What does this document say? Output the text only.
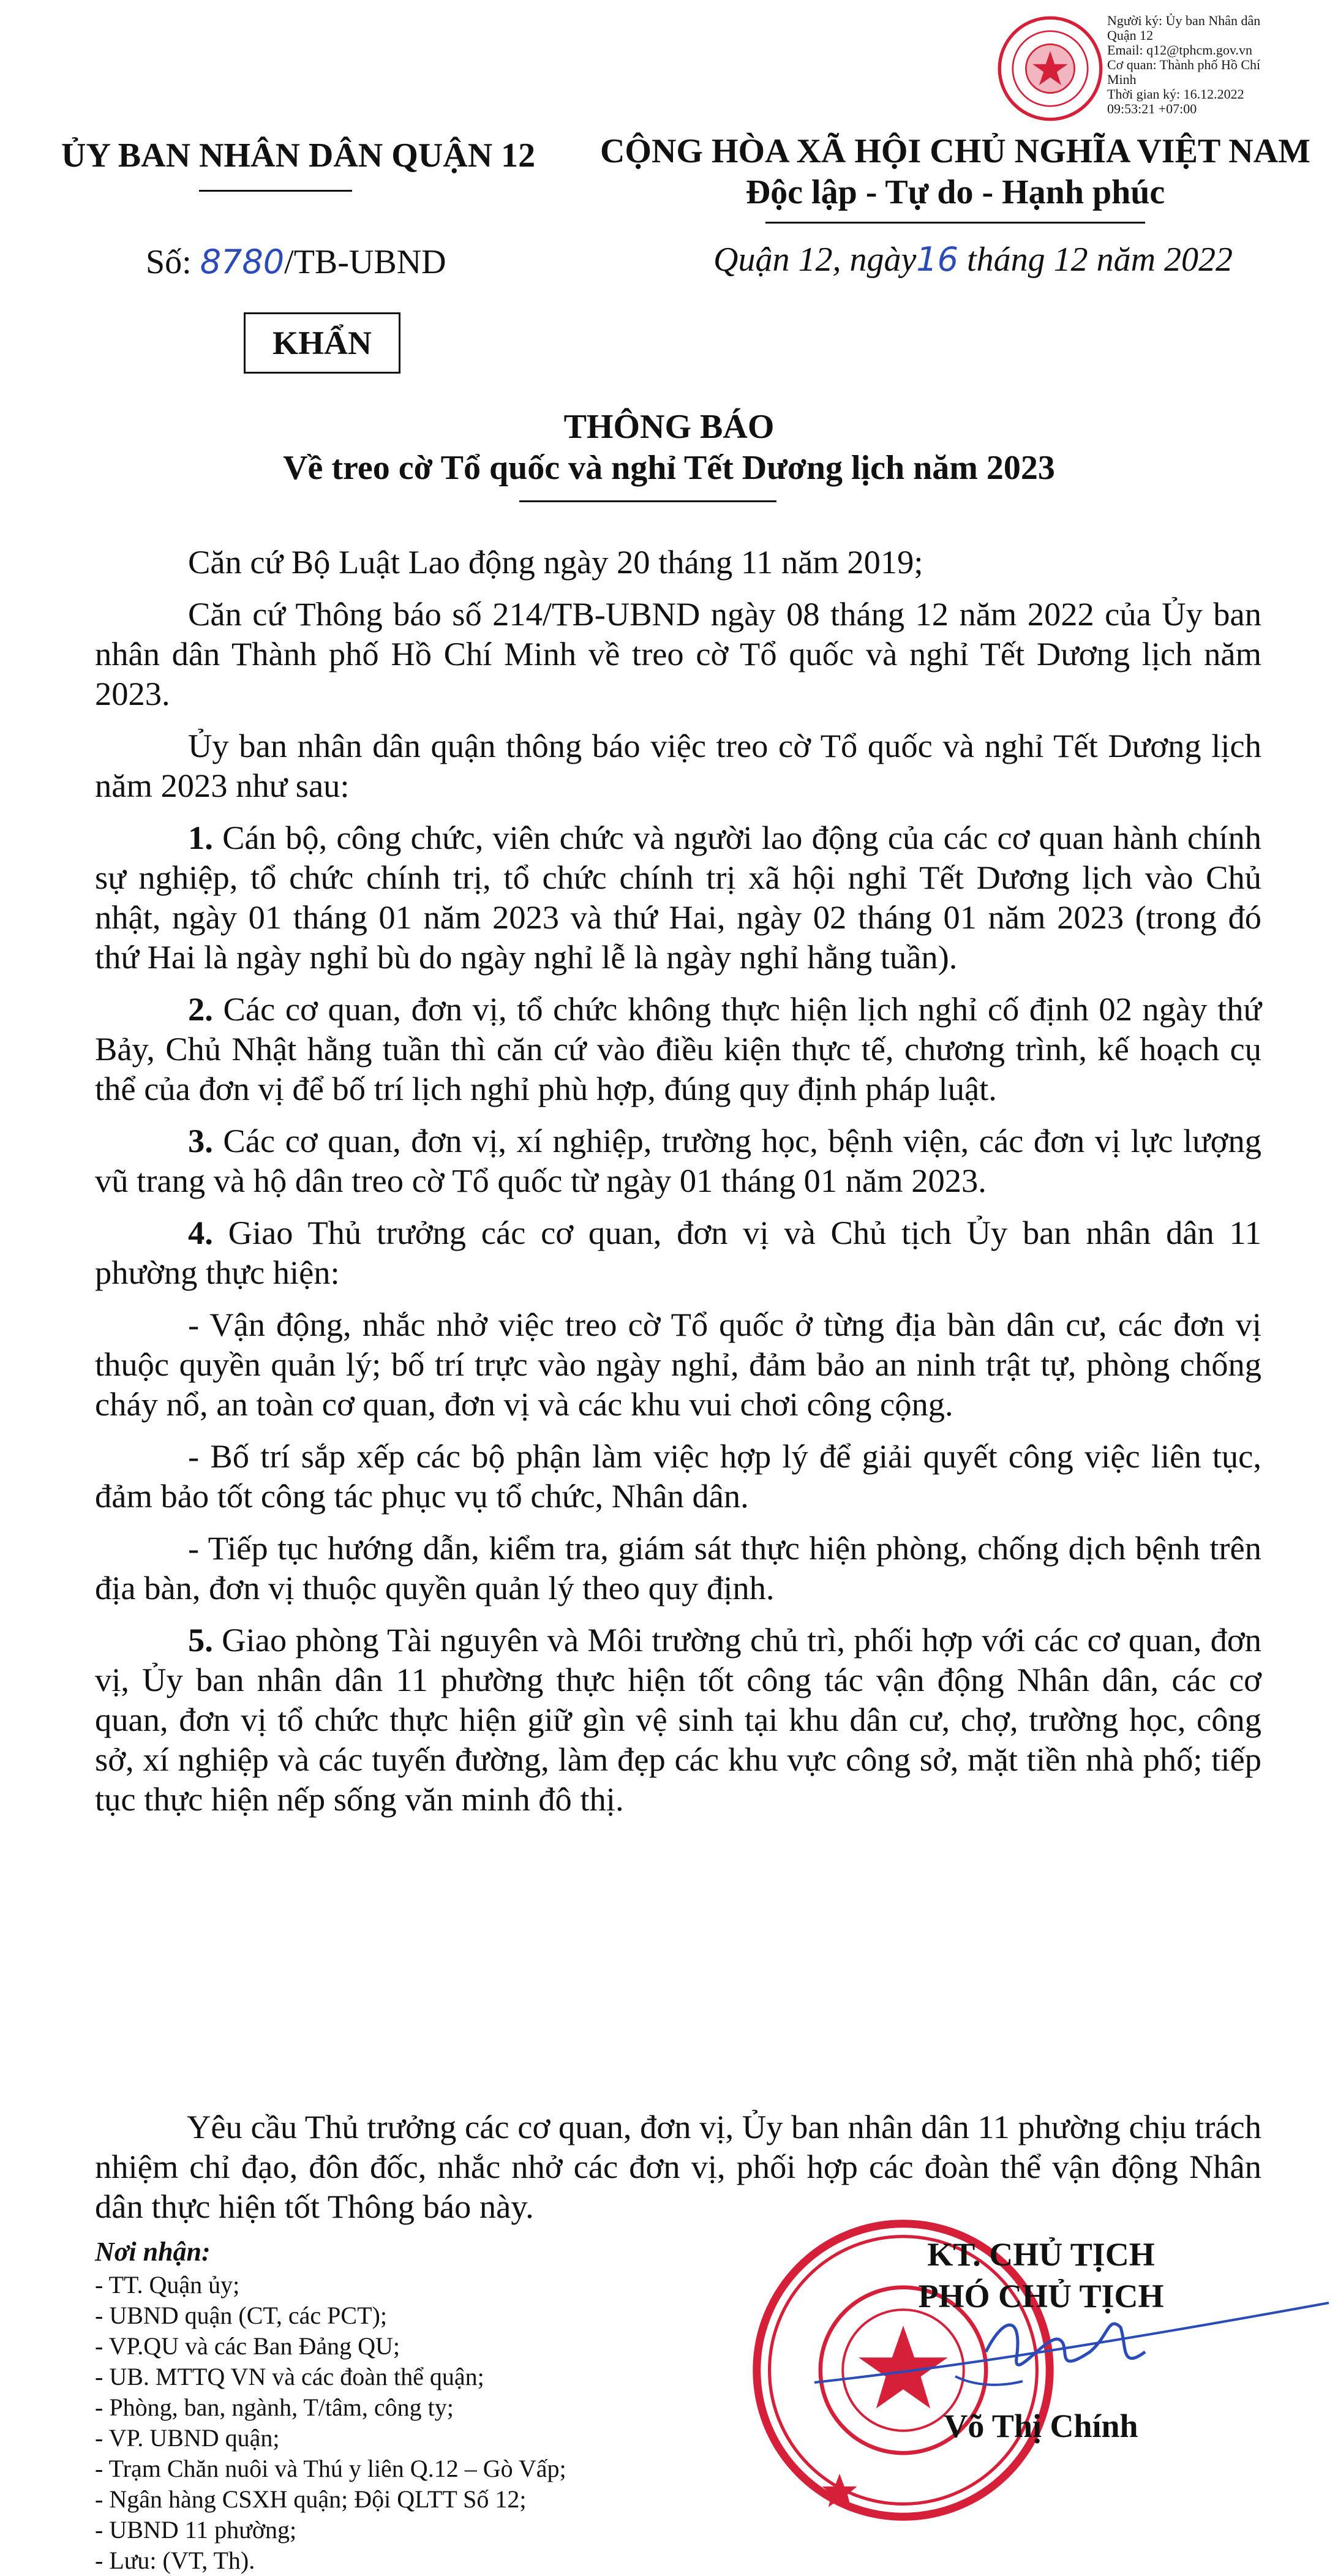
Người ký: Ủy ban Nhân dân
Quận 12
Email: q12@tphcm.gov.vn
Cơ quan: Thành phố Hồ Chí
Minh
Thời gian ký: 16.12.2022
09:53:21 +07:00
ỦY BAN NHÂN DÂN QUẬN 12	CỘNG HÒA XÃ HỘI CHỦ NGHĨA VIỆT NAM
Độc lập - Tự do - Hạnh phúc
Số: 8780/TB-UBND	Quận 12, ngày16 tháng 12 năm 2022
KHẨN
THÔNG BÁO
Về treo cờ Tổ quốc và nghỉ Tết Dương lịch năm 2023

Căn cứ Bộ Luật Lao động ngày 20 tháng 11 năm 2019;

Căn cứ Thông báo số 214/TB-UBND ngày 08 tháng 12 năm 2022 của Ủy ban nhân dân Thành phố Hồ Chí Minh về treo cờ Tổ quốc và nghỉ Tết Dương lịch năm 2023.

Ủy ban nhân dân quận thông báo việc treo cờ Tổ quốc và nghỉ Tết Dương lịch năm 2023 như sau:

1. Cán bộ, công chức, viên chức và người lao động của các cơ quan hành chính sự nghiệp, tổ chức chính trị, tổ chức chính trị xã hội nghỉ Tết Dương lịch vào Chủ nhật, ngày 01 tháng 01 năm 2023 và thứ Hai, ngày 02 tháng 01 năm 2023 (trong đó thứ Hai là ngày nghỉ bù do ngày nghỉ lễ là ngày nghỉ hằng tuần).

2. Các cơ quan, đơn vị, tổ chức không thực hiện lịch nghỉ cố định 02 ngày thứ Bảy, Chủ Nhật hằng tuần thì căn cứ vào điều kiện thực tế, chương trình, kế hoạch cụ thể của đơn vị để bố trí lịch nghỉ phù hợp, đúng quy định pháp luật.

3. Các cơ quan, đơn vị, xí nghiệp, trường học, bệnh viện, các đơn vị lực lượng vũ trang và hộ dân treo cờ Tổ quốc từ ngày 01 tháng 01 năm 2023.

4. Giao Thủ trưởng các cơ quan, đơn vị và Chủ tịch Ủy ban nhân dân 11 phường thực hiện:

- Vận động, nhắc nhở việc treo cờ Tổ quốc ở từng địa bàn dân cư, các đơn vị thuộc quyền quản lý; bố trí trực vào ngày nghỉ, đảm bảo an ninh trật tự, phòng chống cháy nổ, an toàn cơ quan, đơn vị và các khu vui chơi công cộng.

- Bố trí sắp xếp các bộ phận làm việc hợp lý để giải quyết công việc liên tục, đảm bảo tốt công tác phục vụ tổ chức, Nhân dân.

- Tiếp tục hướng dẫn, kiểm tra, giám sát thực hiện phòng, chống dịch bệnh trên địa bàn, đơn vị thuộc quyền quản lý theo quy định.

5. Giao phòng Tài nguyên và Môi trường chủ trì, phối hợp với các cơ quan, đơn vị, Ủy ban nhân dân 11 phường thực hiện tốt công tác vận động Nhân dân, các cơ quan, đơn vị tổ chức thực hiện giữ gìn vệ sinh tại khu dân cư, chợ, trường học, công sở, xí nghiệp và các tuyến đường, làm đẹp các khu vực công sở, mặt tiền nhà phố; tiếp tục thực hiện nếp sống văn minh đô thị.

Yêu cầu Thủ trưởng các cơ quan, đơn vị, Ủy ban nhân dân 11 phường chịu trách nhiệm chỉ đạo, đôn đốc, nhắc nhở các đơn vị, phối hợp các đoàn thể vận động Nhân dân thực hiện tốt Thông báo này.
Nơi nhận:
- TT. Quận ủy;
- UBND quận (CT, các PCT);
- VP.QU và các Ban Đảng QU;
- UB. MTTQ VN và các đoàn thể quận;
- Phòng, ban, ngành, T/tâm, công ty;
- VP. UBND quận;
- Trạm Chăn nuôi và Thú y liên Q.12 – Gò Vấp;
- Ngân hàng CSXH quận; Đội QLTT Số 12;
- UBND 11 phường;
- Lưu: (VT, Th).
KT. CHỦ TỊCH
PHÓ CHỦ TỊCH
Võ Thị Chính
